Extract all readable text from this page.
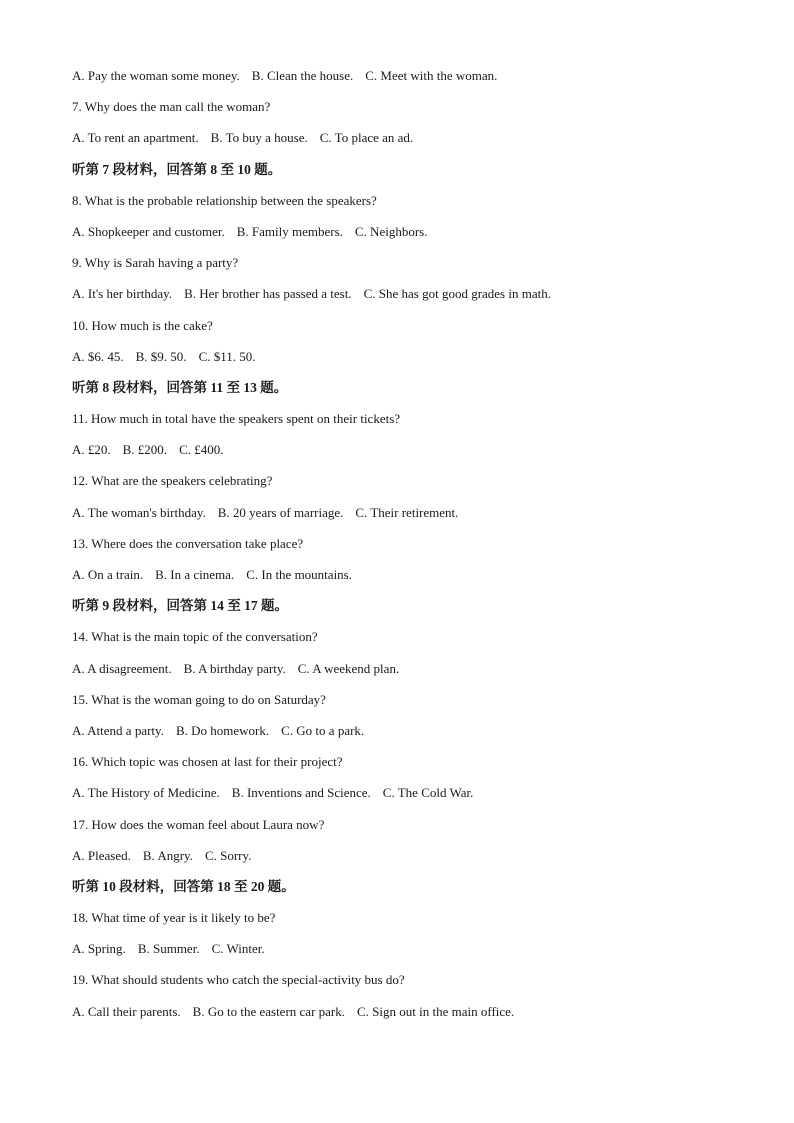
A. Pay the woman some money. B. Clean the house. C. Meet with the woman.
7. Why does the man call the woman?
A. To rent an apartment. B. To buy a house. C. To place an ad.
听第 7 段材料，回答第 8 至 10 题。
8. What is the probable relationship between the speakers?
A. Shopkeeper and customer. B. Family members. C. Neighbors.
9. Why is Sarah having a party?
A. It's her birthday. B. Her brother has passed a test. C. She has got good grades in math.
10. How much is the cake?
A. $6. 45. B. $9. 50. C. $11. 50.
听第 8 段材料，回答第 11 至 13 题。
11. How much in total have the speakers spent on their tickets?
A. £20. B. £200. C. £400.
12. What are the speakers celebrating?
A. The woman's birthday. B. 20 years of marriage. C. Their retirement.
13. Where does the conversation take place?
A. On a train. B. In a cinema. C. In the mountains.
听第 9 段材料，回答第 14 至 17 题。
14. What is the main topic of the conversation?
A. A disagreement. B. A birthday party. C. A weekend plan.
15. What is the woman going to do on Saturday?
A. Attend a party. B. Do homework. C. Go to a park.
16. Which topic was chosen at last for their project?
A. The History of Medicine. B. Inventions and Science. C. The Cold War.
17. How does the woman feel about Laura now?
A. Pleased. B. Angry. C. Sorry.
听第 10 段材料，回答第 18 至 20 题。
18. What time of year is it likely to be?
A. Spring. B. Summer. C. Winter.
19. What should students who catch the special-activity bus do?
A. Call their parents. B. Go to the eastern car park. C. Sign out in the main office.
